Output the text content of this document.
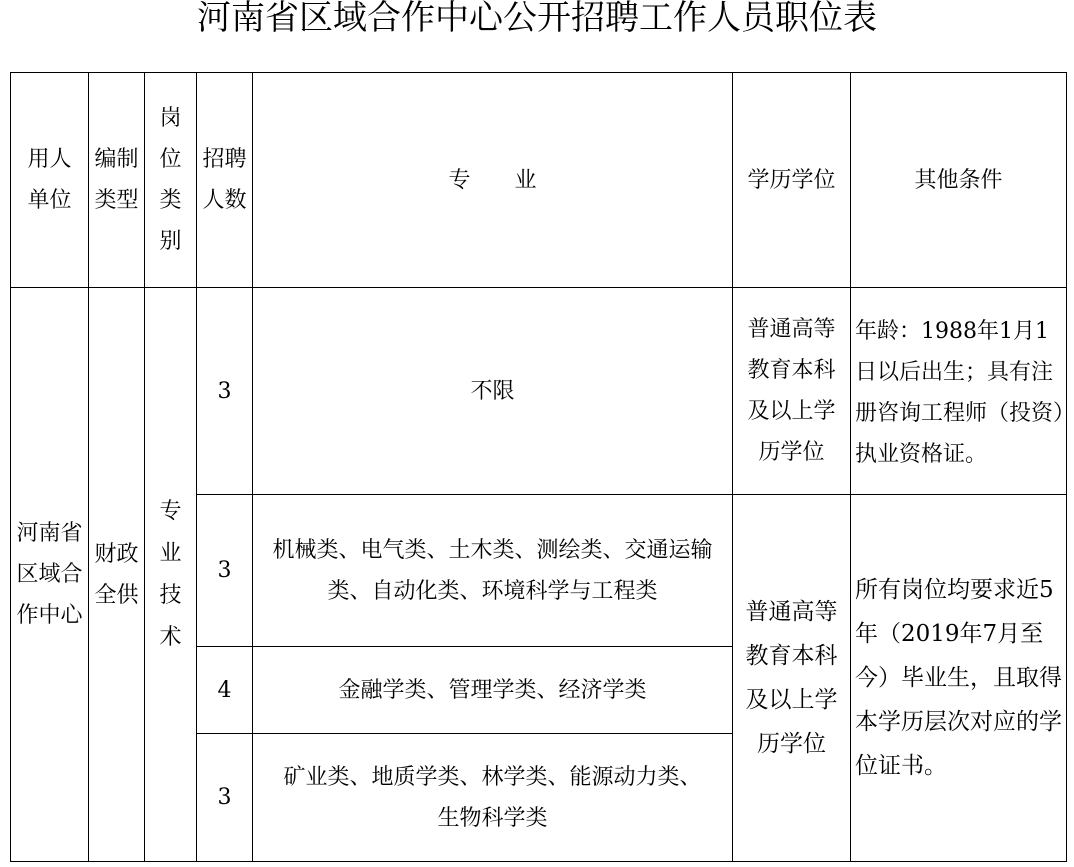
河南省区域合作中心公开招聘工作人员职位表
用人单位	编制类型	岗位类别	招聘人数	专　　业	学历学位	其他条件
河南省区域合作中心	财政全供	专业技术	3	不限	普通高等教育本科及以上学历学位	年龄：1988年1月1日以后出生；具有注册咨询工程师（投资）执业资格证。
			3	机械类、电气类、土木类、测绘类、交通运输类、自动化类、环境科学与工程类	普通高等教育本科及以上学历学位	所有岗位均要求近5年（2019年7月至今）毕业生，且取得本学历层次对应的学位证书。
			4	金融学类、管理学类、经济学类		
			3	矿业类、地质学类、林学类、能源动力类、生物科学类		
